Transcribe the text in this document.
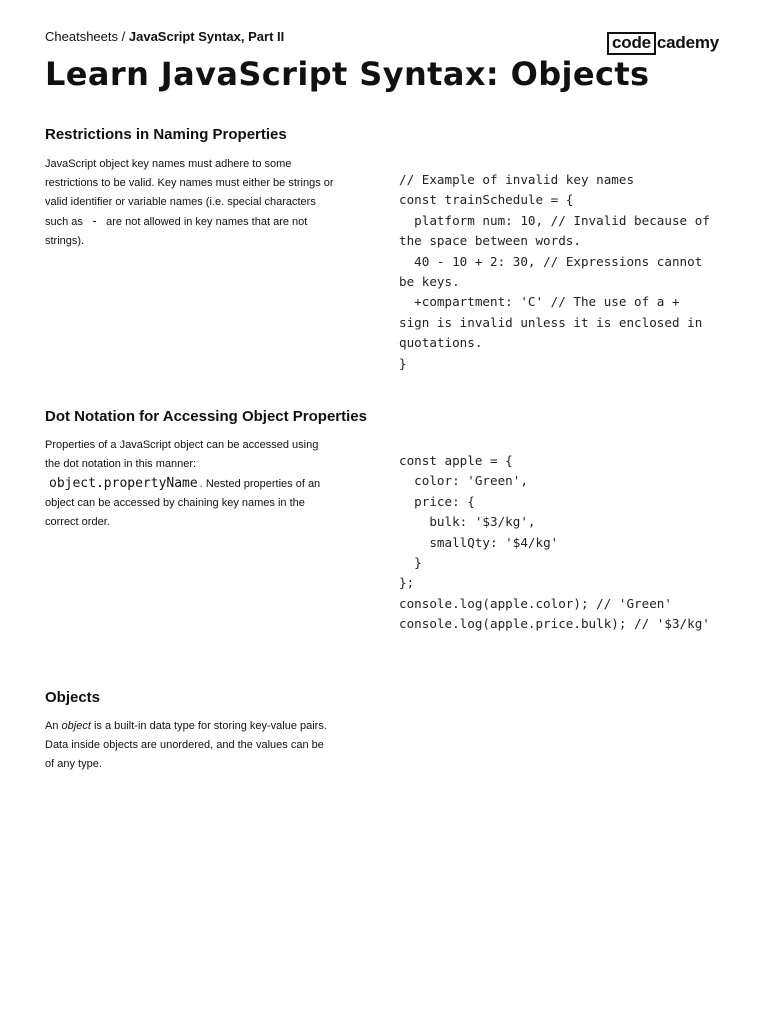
Cheatsheets / JavaScript Syntax, Part II	code cademy
Learn JavaScript Syntax: Objects
Restrictions in Naming Properties

JavaScript object key names must adhere to some restrictions to be valid. Key names must either be strings or valid identifier or variable names (i.e. special characters such as - are not allowed in key names that are not strings).

// Example of invalid key names
const trainSchedule = {
platform num: 10, // Invalid because of the space between words.
40 - 10 + 2: 30, // Expressions cannot be keys.
+compartment: 'C' // The use of a + sign is invalid unless it is enclosed in quotations.
}
Dot Notation for Accessing Object Properties

Properties of a JavaScript object can be accessed using the dot notation in this manner:
object.propertyName . Nested properties of an object can be accessed by chaining key names in the correct order.

const apple = {
color: 'Green',
price: {
bulk: '$3/kg',
smallQty: '$4/kg'
}
};
console.log(apple.color); // 'Green'
console.log(apple.price.bulk); // '$3/kg'
Objects

An object is a built-in data type for storing key-value pairs. Data inside objects are unordered, and the values can be of any type.
